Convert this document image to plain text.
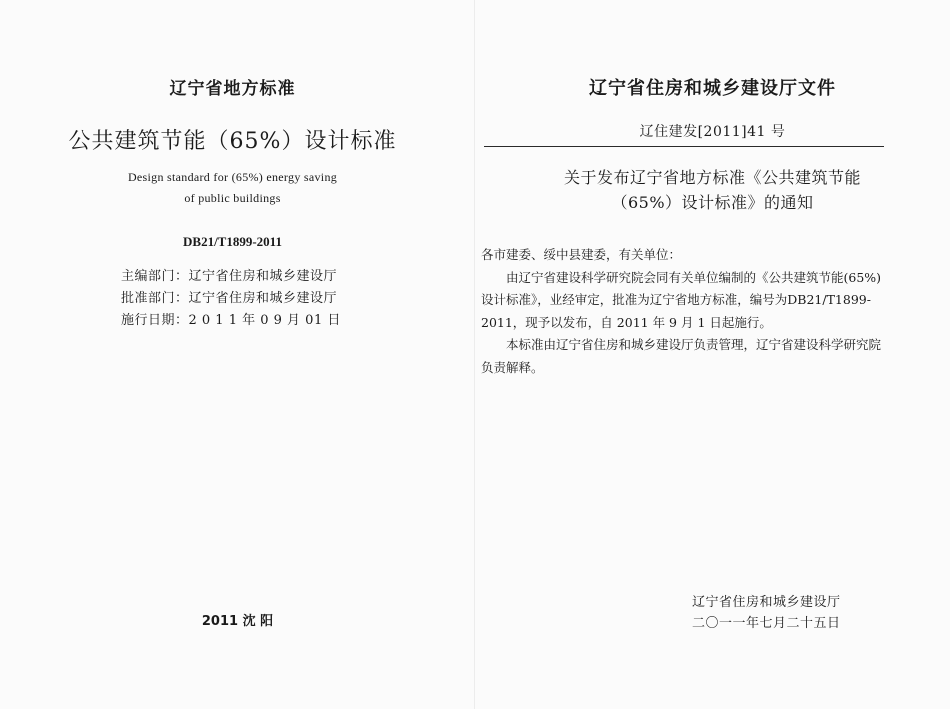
辽宁省地方标准
公共建筑节能（65%）设计标准
Design standard for (65%) energy saving
of public buildings
DB21/T1899-2011
主编部门：辽宁省住房和城乡建设厅
批准部门：辽宁省住房和城乡建设厅
施行日期：2 0 1 1 年 0 9 月 01 日
2011 沈 阳
辽宁省住房和城乡建设厅文件
辽住建发[2011]41 号
关于发布辽宁省地方标准《公共建筑节能
（65%）设计标准》的通知

各市建委、绥中县建委，有关单位：

由辽宁省建设科学研究院会同有关单位编制的《公共建筑节能(65%)设计标准》，业经审定，批准为辽宁省地方标准，编号为DB21/T1899-2011，现予以发布，自 2011 年 9 月 1 日起施行。

本标准由辽宁省住房和城乡建设厅负责管理，辽宁省建设科学研究院负责解释。

辽宁省住房和城乡建设厅
二〇一一年七月二十五日
